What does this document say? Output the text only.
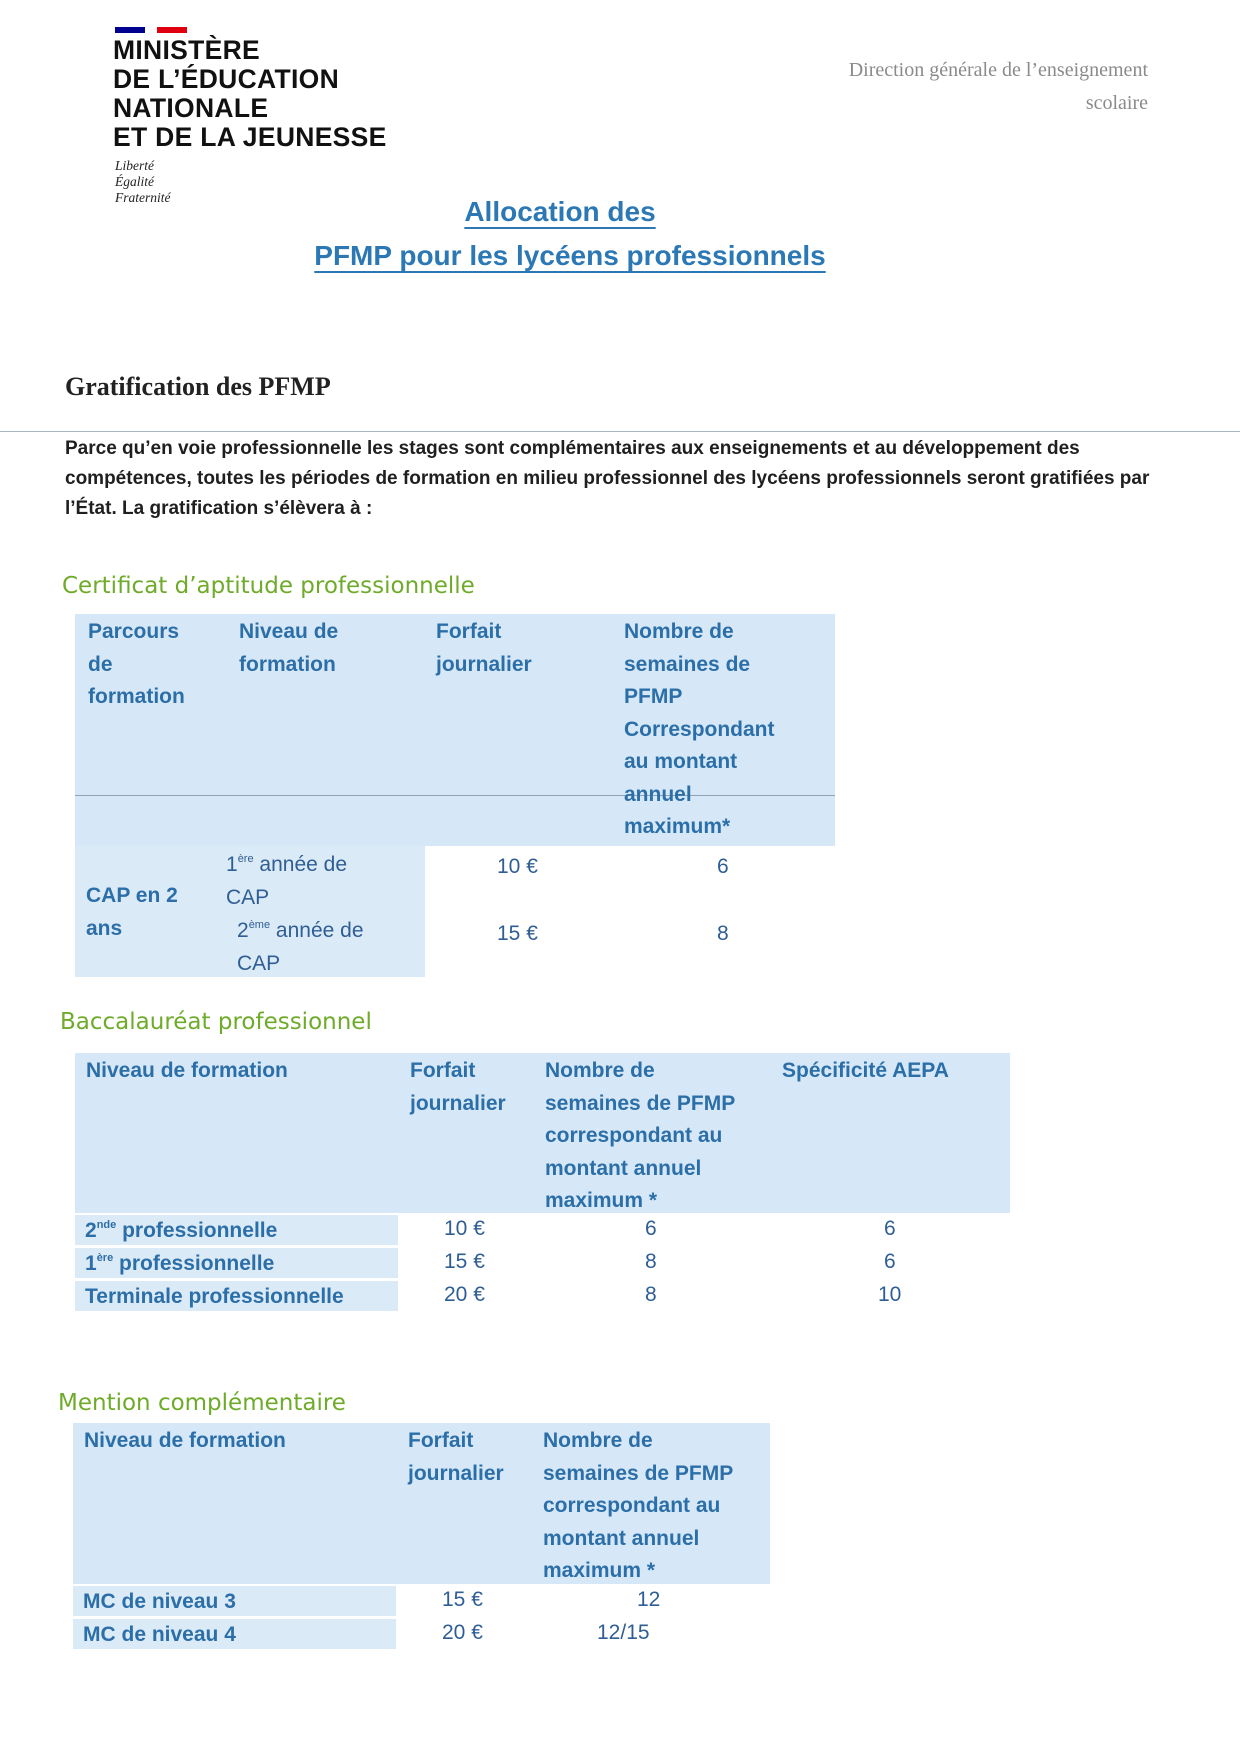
MINISTÈRE
DE L’ÉDUCATION
NATIONALE
ET DE LA JEUNESSE
Liberté
Égalité
Fraternité
Direction générale de l’enseignement
scolaire
Allocation des
PFMP pour les lycéens professionnels
Gratification des PFMP
Parce qu’en voie professionnelle les stages sont complémentaires aux enseignements et au développement des compétences, toutes les périodes de formation en milieu professionnel des lycéens professionnels seront gratifiées par l’État. La gratification s’élèvera à :
Certificat d’aptitude professionnelle
Parcours
de
formation
Niveau de
formation
Forfait
journalier
Nombre de
semaines de
PFMP
Correspondant
au montant
annuel
maximum*
CAP en 2
ans
1ère année de
CAP
2ème année de
CAP
10 €
15 €
6
8
Baccalauréat professionnel
Niveau de formation	Forfait
journalier
Nombre de
semaines de PFMP
correspondant au
montant annuel
maximum *
Spécificité AEPA
2nde professionnelle
1ère professionnelle
Terminale professionnelle
10 €
15 €
20 €
6
8
8
6
6
10
Mention complémentaire
Niveau de formation	Forfait
journalier
Nombre de
semaines de PFMP
correspondant au
montant annuel
maximum *
MC de niveau 3
MC de niveau 4
15 €
20 €
12
12/15
